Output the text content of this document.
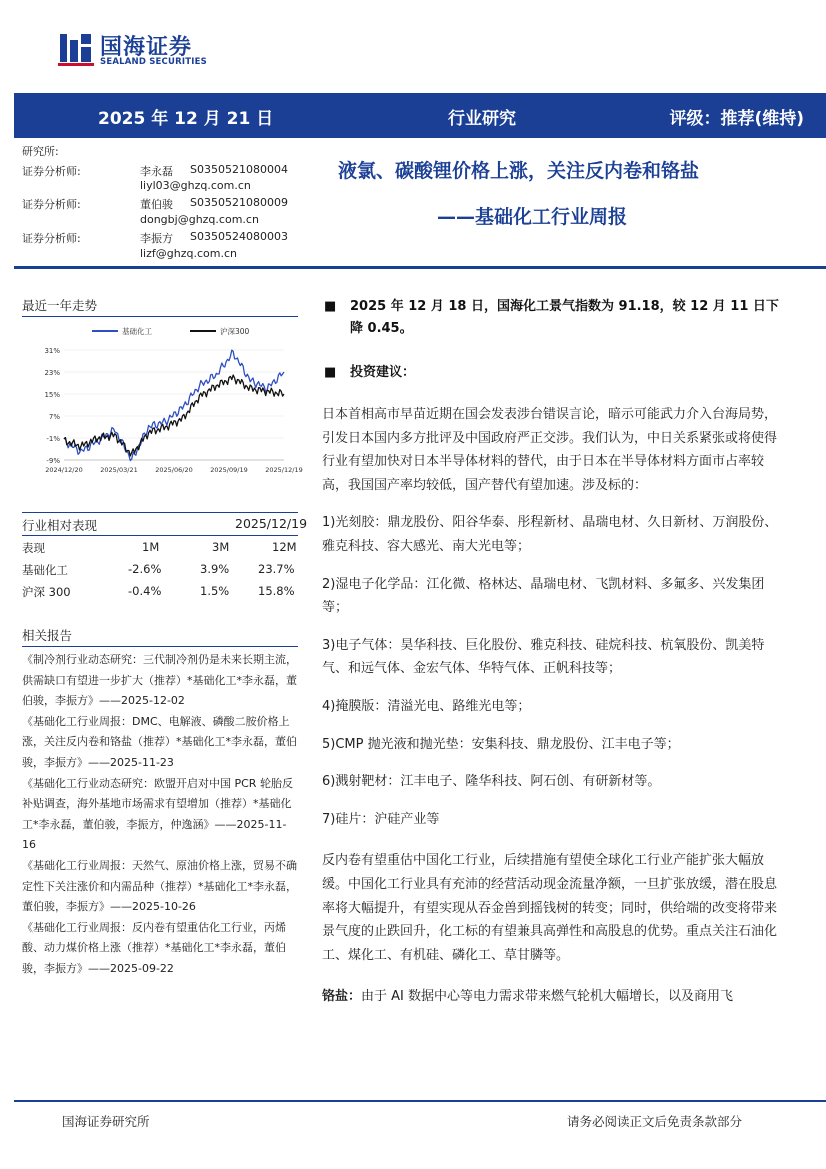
国海证券
SEALAND SECURITIES
2025 年 12 月 21 日	行业研究	评级：推荐(维持)
研究所:
证券分析师:	李永磊 S0350521080004
liyl03@ghzq.com.cn
证券分析师:	董伯骏 S0350521080009
dongbj@ghzq.com.cn
证券分析师:	李振方 S0350524080003
lizf@ghzq.com.cn
液氯、碳酸锂价格上涨，关注反内卷和铬盐
——基础化工行业周报
最近一年走势
31%
23%
15%
7%
-1%
-9%
2024/12/20	2025/03/21	2025/06/20	2025/09/19	2025/12/19
基础化工	沪深300
行业相对表现	2025/12/19
表现	1M	3M	12M
基础化工	-2.6%	3.9%	23.7%
沪深 300	-0.4%	1.5%	15.8%
相关报告

《制冷剂行业动态研究：三代制冷剂仍是未来长期主流，供需缺口有望进一步扩大（推荐）*基础化工*李永磊，董伯骏，李振方》——2025-12-02

《基础化工行业周报：DMC、电解液、磷酸二胺价格上涨，关注反内卷和铬盐（推荐）*基础化工*李永磊，董伯骏，李振方》——2025-11-23

《基础化工行业动态研究：欧盟开启对中国 PCR 轮胎反补贴调查，海外基地市场需求有望增加（推荐）*基础化工*李永磊，董伯骏，李振方，仲逸涵》——2025-11-16

《基础化工行业周报：天然气、原油价格上涨，贸易不确定性下关注涨价和内需品种（推荐）*基础化工*李永磊，董伯骏，李振方》——2025-10-26

《基础化工行业周报：反内卷有望重估化工行业，丙烯酸、动力煤价格上涨（推荐）*基础化工*李永磊，董伯骏，李振方》——2025-09-22

■ 2025 年 12 月 18 日，国海化工景气指数为 91.18，较 12 月 11 日下降 0.45。
■ 投资建议：

日本首相高市早苗近期在国会发表涉台错误言论，暗示可能武力介入台海局势，引发日本国内多方批评及中国政府严正交涉。我们认为，中日关系紧张或将使得行业有望加快对日本半导体材料的替代，由于日本在半导体材料方面市占率较高，我国国产率均较低，国产替代有望加速。涉及标的：

1)光刻胶：鼎龙股份、阳谷华泰、彤程新材、晶瑞电材、久日新材、万润股份、雅克科技、容大感光、南大光电等；

2)湿电子化学品：江化微、格林达、晶瑞电材、飞凯材料、多氟多、兴发集团等；

3)电子气体：昊华科技、巨化股份、雅克科技、硅烷科技、杭氧股份、凯美特气、和远气体、金宏气体、华特气体、正帆科技等；

4)掩膜版：清溢光电、路维光电等；

5)CMP 抛光液和抛光垫：安集科技、鼎龙股份、江丰电子等；

6)溅射靶材：江丰电子、隆华科技、阿石创、有研新材等。

7)硅片：沪硅产业等

反内卷有望重估中国化工行业，后续措施有望使全球化工行业产能扩张大幅放缓。中国化工行业具有充沛的经营活动现金流量净额，一旦扩张放缓，潜在股息率将大幅提升，有望实现从吞金兽到摇钱树的转变；同时，供给端的改变将带来景气度的止跌回升，化工标的有望兼具高弹性和高股息的优势。重点关注石油化工、煤化工、有机硅、磷化工、草甘膦等。

铬盐：由于 AI 数据中心等电力需求带来燃气轮机大幅增长，以及商用飞

国海证券研究所	请务必阅读正文后免责条款部分
